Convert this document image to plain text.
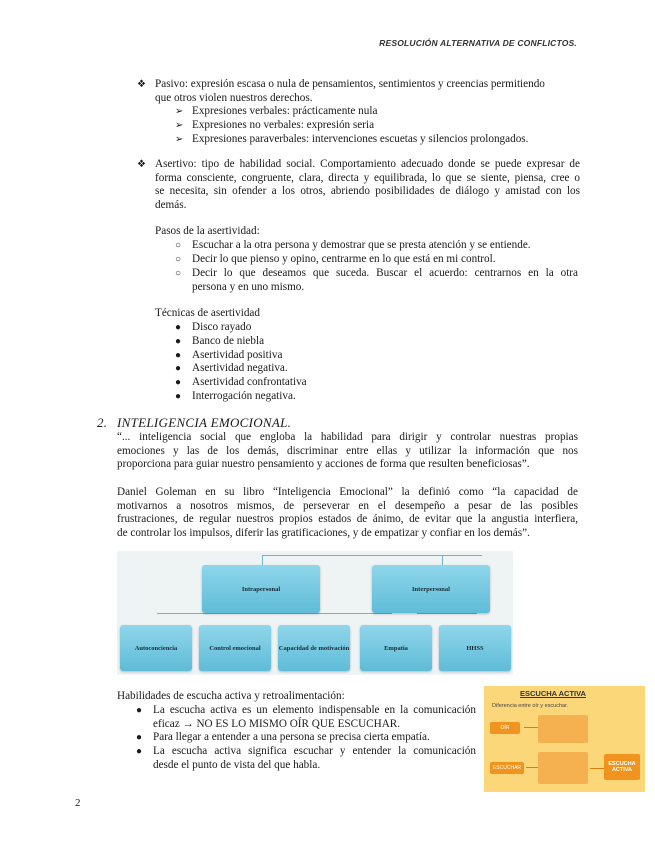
RESOLUCIÓN ALTERNATIVA DE CONFLICTOS.
❖ Pasivo: expresión escasa o nula de pensamientos, sentimientos y creencias permitiendo
que otros violen nuestros derechos.
➢ Expresiones verbales: prácticamente nula
➢ Expresiones no verbales: expresión seria
➢ Expresiones paraverbales: intervenciones escuetas y silencios prolongados.
❖ Asertivo: tipo de habilidad social. Comportamiento adecuado donde se puede expresar de
forma consciente, congruente, clara, directa y equilibrada, lo que se siente, piensa, cree o
se necesita, sin ofender a los otros, abriendo posibilidades de diálogo y amistad con los
demás.
Pasos de la asertividad:
○ Escuchar a la otra persona y demostrar que se presta atención y se entiende.
○ Decir lo que pienso y opino, centrarme en lo que está en mi control.
○ Decir lo que deseamos que suceda. Buscar el acuerdo: centrarnos en la otra
persona y en uno mismo.
Técnicas de asertividad
● Disco rayado
● Banco de niebla
● Asertividad positiva
● Asertividad negativa.
● Asertividad confrontativa
● Interrogación negativa.
2. INTELIGENCIA EMOCIONAL.
“... inteligencia social que engloba la habilidad para dirigir y controlar nuestras propias
emociones y las de los demás, discriminar entre ellas y utilizar la información que nos
proporciona para guiar nuestro pensamiento y acciones de forma que resulten beneficiosas”.
Daniel Goleman en su libro “Inteligencia Emocional” la definió como “la capacidad de
motivarnos a nosotros mismos, de perseverar en el desempeño a pesar de las posibles
frustraciones, de regular nuestros propios estados de ánimo, de evitar que la angustia interfiera,
de controlar los impulsos, diferir las gratificaciones, y de empatizar y confiar en los demás”.
Intrapersonal	Interpersonal
Autoconciencia	Control emocional	Capacidad de motivación	Empatía	HHSS
Habilidades de escucha activa y retroalimentación:
● La escucha activa es un elemento indispensable en la comunicación
eficaz → NO ES LO MISMO OÍR QUE ESCUCHAR.
● Para llegar a entender a una persona se precisa cierta empatía.
● La escucha activa significa escuchar y entender la comunicación
desde el punto de vista del que habla.
ESCUCHA ACTIVA
Diferencia entre oír y escuchar.
OÍR
ESCUCHAR
ESCUCHA ACTIVA
2
